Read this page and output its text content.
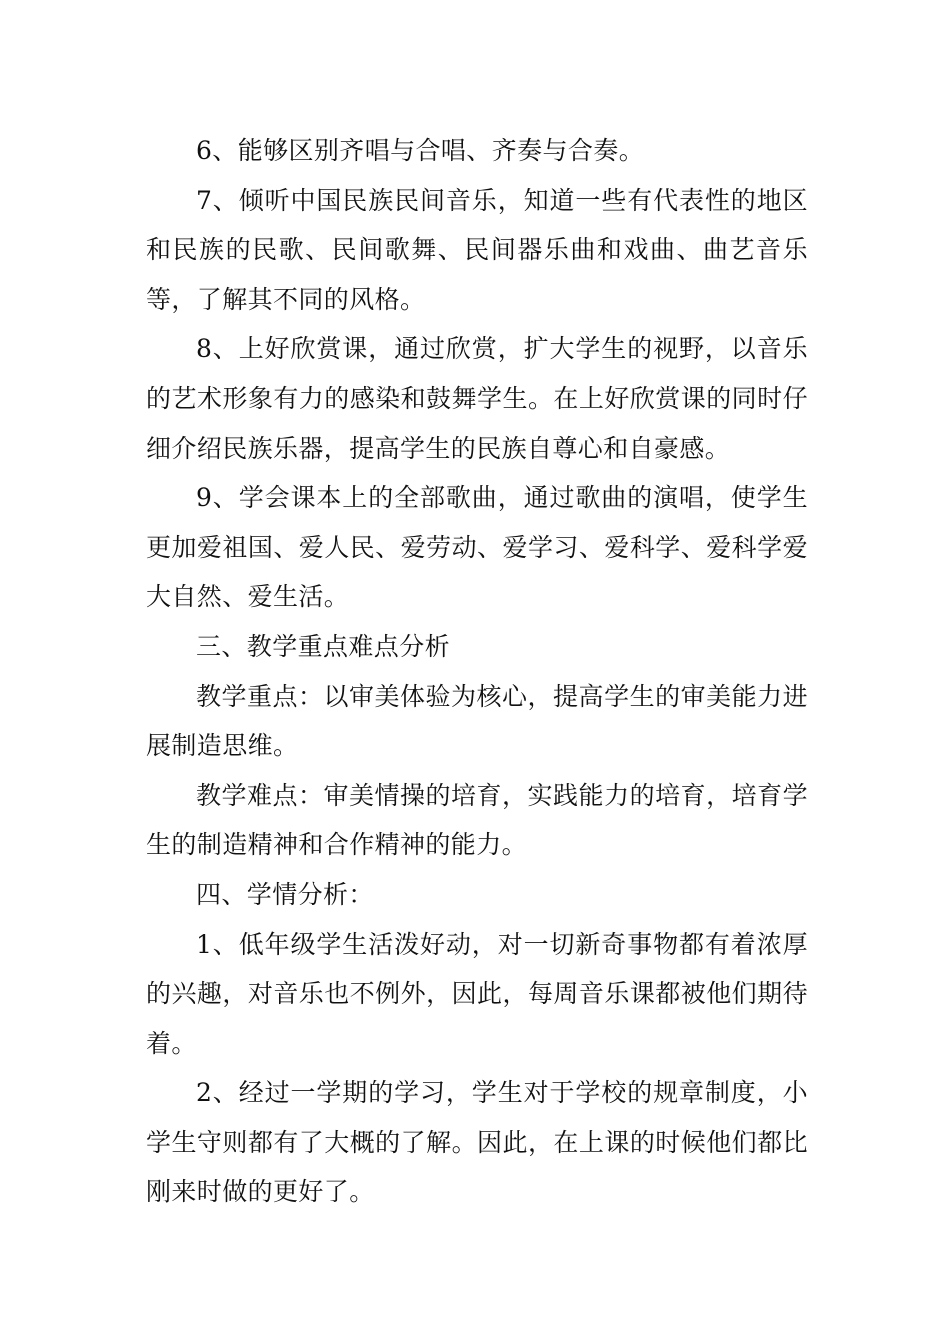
6、能够区别齐唱与合唱、齐奏与合奏。

7、倾听中国民族民间音乐，知道一些有代表性的地区和民族的民歌、民间歌舞、民间器乐曲和戏曲、曲艺音乐等，了解其不同的风格。

8、上好欣赏课，通过欣赏，扩大学生的视野，以音乐的艺术形象有力的感染和鼓舞学生。在上好欣赏课的同时仔细介绍民族乐器，提高学生的民族自尊心和自豪感。

9、学会课本上的全部歌曲，通过歌曲的演唱，使学生更加爱祖国、爱人民、爱劳动、爱学习、爱科学、爱科学爱大自然、爱生活。

三、教学重点难点分析

教学重点：以审美体验为核心，提高学生的审美能力进展制造思维。

教学难点：审美情操的培育，实践能力的培育，培育学生的制造精神和合作精神的能力。

四、学情分析：

1、低年级学生活泼好动，对一切新奇事物都有着浓厚的兴趣，对音乐也不例外，因此，每周音乐课都被他们期待着。

2、经过一学期的学习，学生对于学校的规章制度，小学生守则都有了大概的了解。因此，在上课的时候他们都比刚来时做的更好了。
